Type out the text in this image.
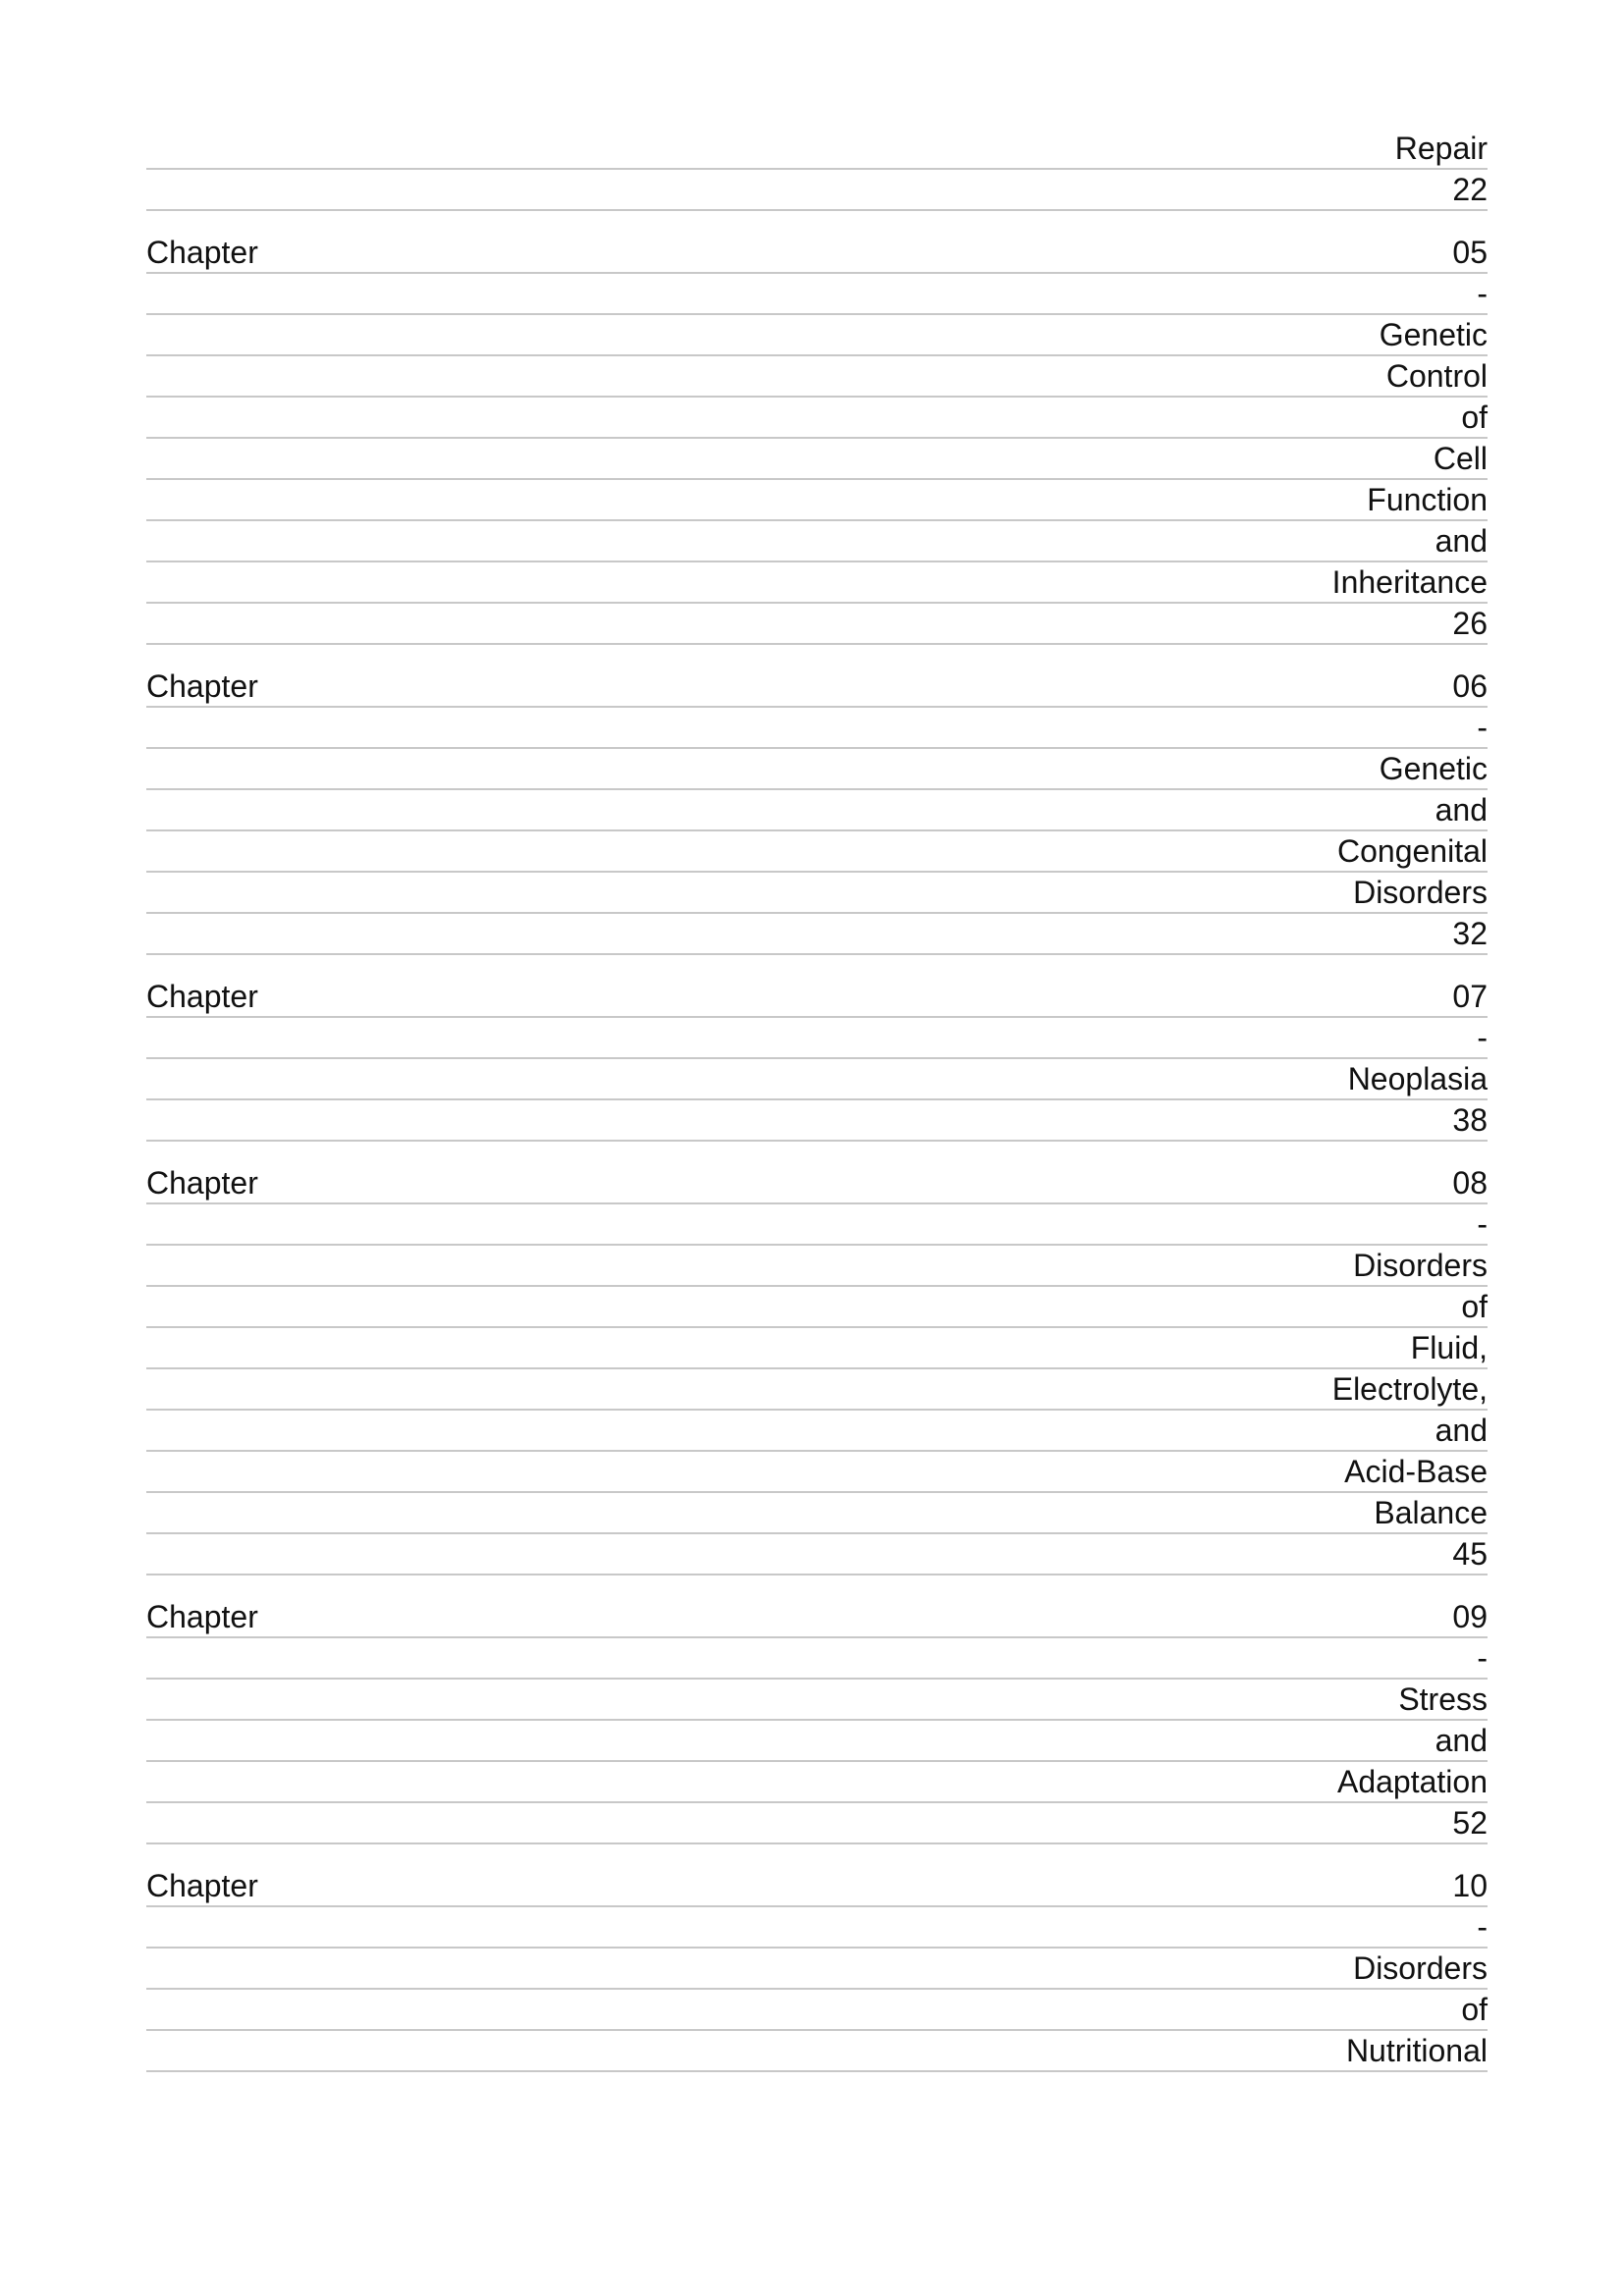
Repair
22
Chapter	05
-
Genetic
Control
of
Cell
Function
and
Inheritance
26
Chapter	06
-
Genetic
and
Congenital
Disorders
32
Chapter	07
-
Neoplasia
38
Chapter	08
-
Disorders
of
Fluid,
Electrolyte,
and
Acid-Base
Balance
45
Chapter	09
-
Stress
and
Adaptation
52
Chapter	10
-
Disorders
of
Nutritional
